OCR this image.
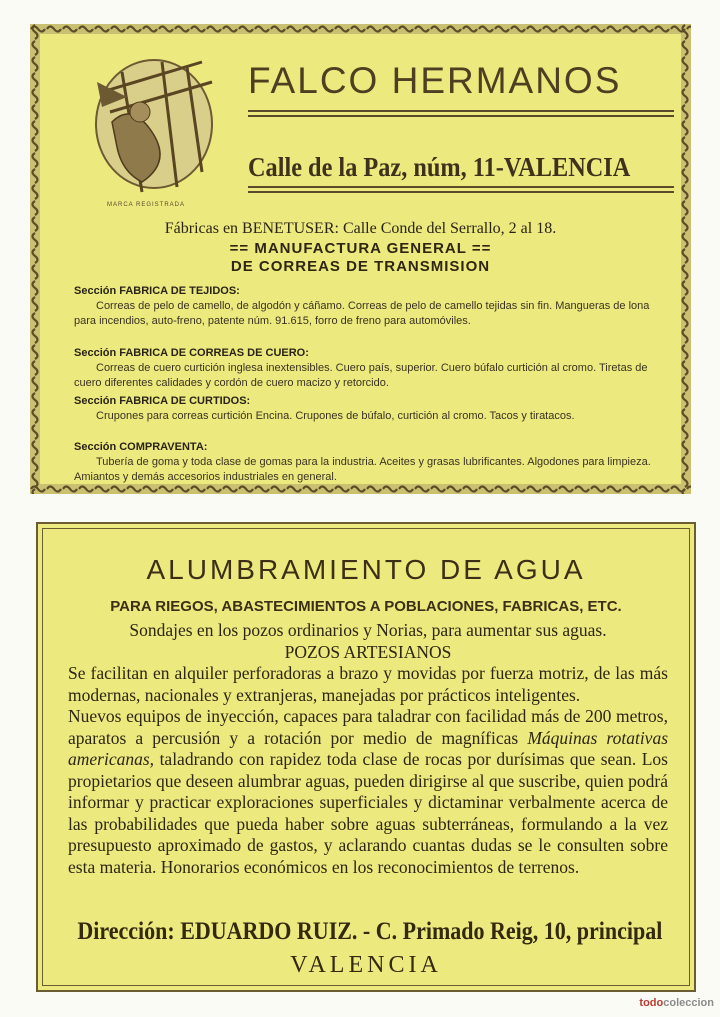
MARCA REGISTRADA
FALCO HERMANOS
Calle de la Paz, núm, 11-VALENCIA
Fábricas en BENETUSER: Calle Conde del Serrallo, 2 al 18.
== MANUFACTURA GENERAL ==
DE CORREAS DE TRANSMISION
Sección FABRICA DE TEJIDOS:
Correas de pelo de camello, de algodón y cáñamo. Correas de pelo de camello tejidas sin fin. Mangueras de lona para incendios, auto-freno, patente núm. 91.615, forro de freno para automóviles.
Sección FABRICA DE CORREAS DE CUERO:
Correas de cuero curtición inglesa inextensibles. Cuero país, superior. Cuero búfalo curtición al cromo. Tiretas de cuero diferentes calidades y cordón de cuero macizo y retorcido.
Sección FABRICA DE CURTIDOS:
Crupones para correas curtición Encina. Crupones de búfalo, curtición al cromo. Tacos y tiratacos.
Sección COMPRAVENTA:
Tubería de goma y toda clase de gomas para la industria. Aceites y grasas lubrificantes. Algodones para limpieza. Amiantos y demás accesorios industriales en general.
ALUMBRAMIENTO DE AGUA
PARA RIEGOS, ABASTECIMIENTOS A POBLACIONES, FABRICAS, ETC.

Sondajes en los pozos ordinarios y Norias, para aumentar sus aguas.

POZOS ARTESIANOS

Se facilitan en alquiler perforadoras a brazo y movidas por fuerza motriz, de las más modernas, nacionales y extranjeras, manejadas por prácticos inteligentes.

Nuevos equipos de inyección, capaces para taladrar con facilidad más de 200 metros, aparatos a percusión y a rotación por medio de magníficas Máquinas rotativas americanas, taladrando con rapidez toda clase de rocas por durísimas que sean. Los propietarios que deseen alumbrar aguas, pueden dirigirse al que suscribe, quien podrá informar y practicar exploraciones superficiales y dictaminar verbalmente acerca de las probabilidades que pueda haber sobre aguas subterráneas, formulando a la vez presupuesto aproximado de gastos, y aclarando cuantas dudas se le consulten sobre esta materia. Honorarios económicos en los reconocimientos de terrenos.

Dirección: EDUARDO RUIZ. - C. Primado Reig, 10, principal
VALENCIA
todocoleccion
